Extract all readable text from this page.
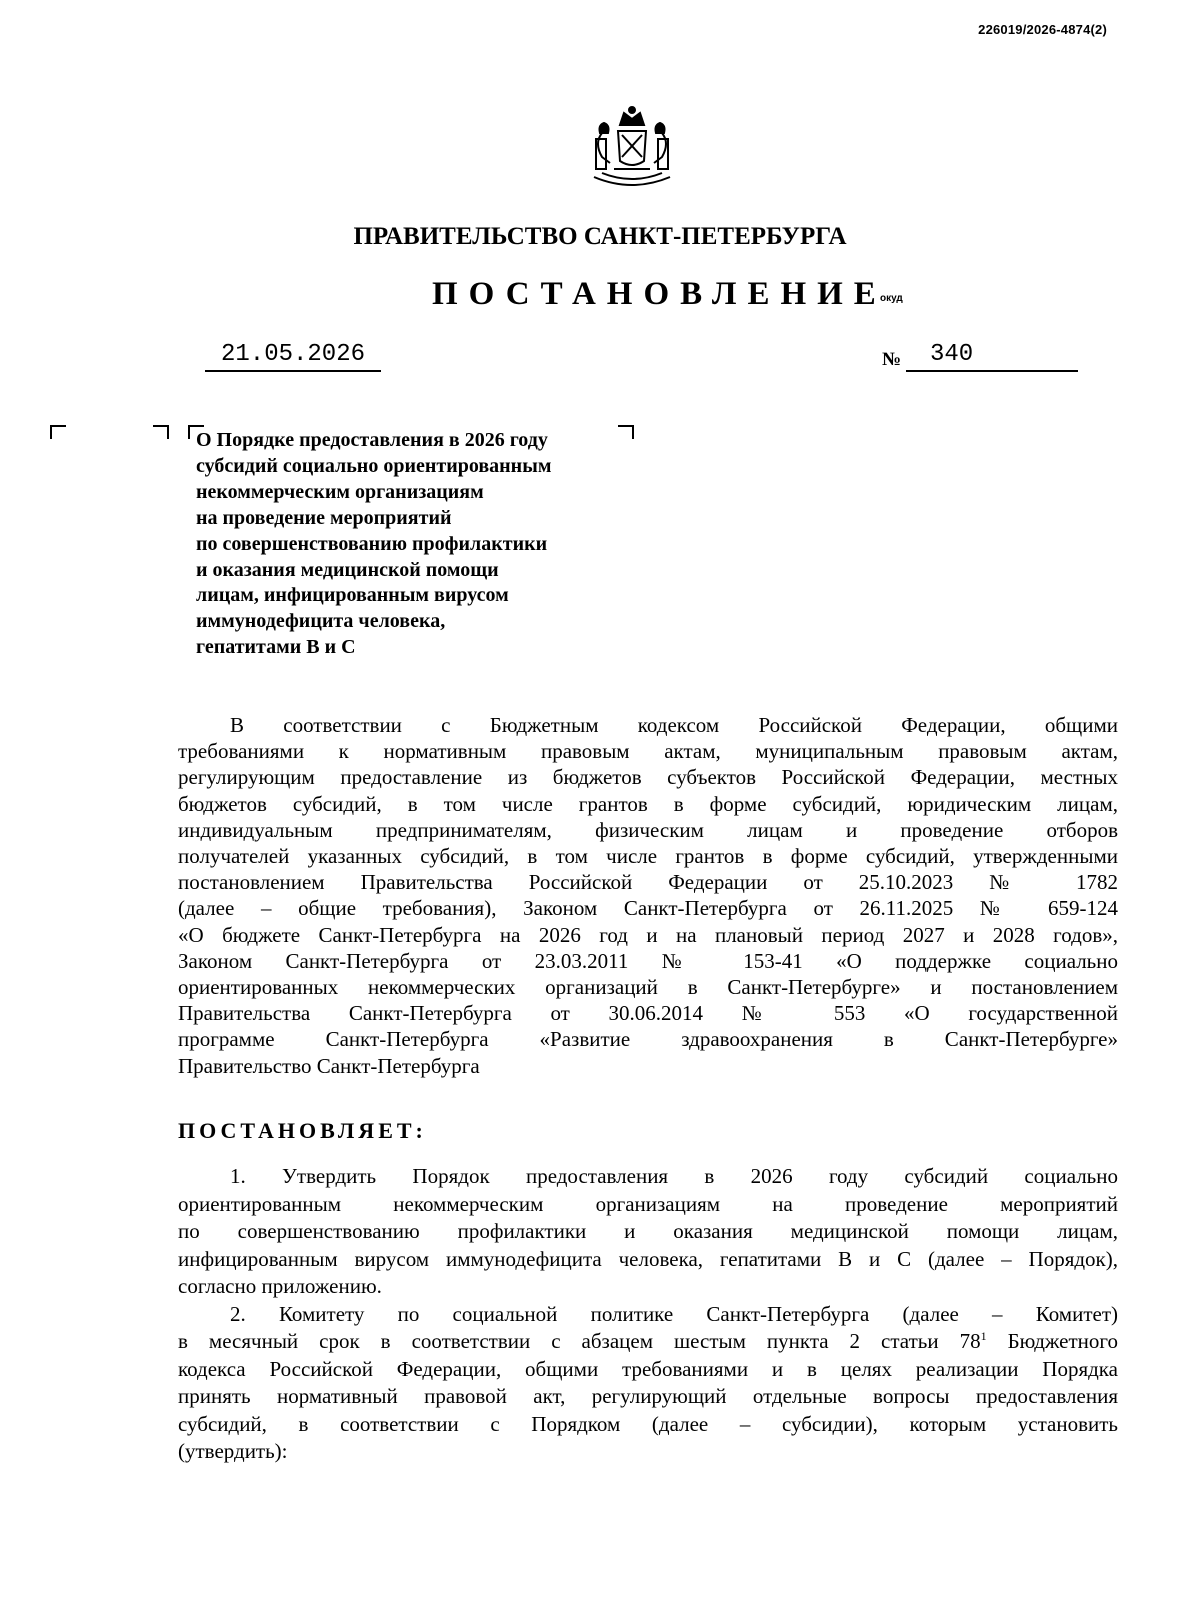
226019/2026-4874(2)
ПРАВИТЕЛЬСТВО САНКТ-ПЕТЕРБУРГА
ПОСТАНОВЛЕНИЕ
окуд
21.05.2026	№	340
О Порядке предоставления в 2026 году
субсидий социально ориентированным
некоммерческим организациям
на проведение мероприятий
по совершенствованию профилактики
и оказания медицинской помощи
лицам, инфицированным вирусом
иммунодефицита человека,
гепатитами В и С
В соответствии с Бюджетным кодексом Российской Федерации, общими
требованиями к нормативным правовым актам, муниципальным правовым актам,
регулирующим предоставление из бюджетов субъектов Российской Федерации, местных
бюджетов субсидий, в том числе грантов в форме субсидий, юридическим лицам,
индивидуальным предпринимателям, физическим лицам и проведение отборов
получателей указанных субсидий, в том числе грантов в форме субсидий, утвержденными
постановлением Правительства Российской Федерации от 25.10.2023 № 1782
(далее – общие требования), Законом Санкт-Петербурга от 26.11.2025 № 659-124
«О бюджете Санкт-Петербурга на 2026 год и на плановый период 2027 и 2028 годов»,
Законом Санкт-Петербурга от 23.03.2011 № 153-41 «О поддержке социально
ориентированных некоммерческих организаций в Санкт-Петербурге» и постановлением
Правительства Санкт-Петербурга от 30.06.2014 № 553 «О государственной
программе Санкт-Петербурга «Развитие здравоохранения в Санкт-Петербурге»
Правительство Санкт-Петербурга
ПОСТАНОВЛЯЕТ:
1. Утвердить Порядок предоставления в 2026 году субсидий социально
ориентированным некоммерческим организациям на проведение мероприятий
по совершенствованию профилактики и оказания медицинской помощи лицам,
инфицированным вирусом иммунодефицита человека, гепатитами В и С (далее – Порядок),
согласно приложению.
2. Комитету по социальной политике Санкт-Петербурга (далее – Комитет)
в месячный срок в соответствии с абзацем шестым пункта 2 статьи $78^1$ Бюджетного
кодекса Российской Федерации, общими требованиями и в целях реализации Порядка
принять нормативный правовой акт, регулирующий отдельные вопросы предоставления
субсидий, в соответствии с Порядком (далее – субсидии), которым установить
(утвердить):
